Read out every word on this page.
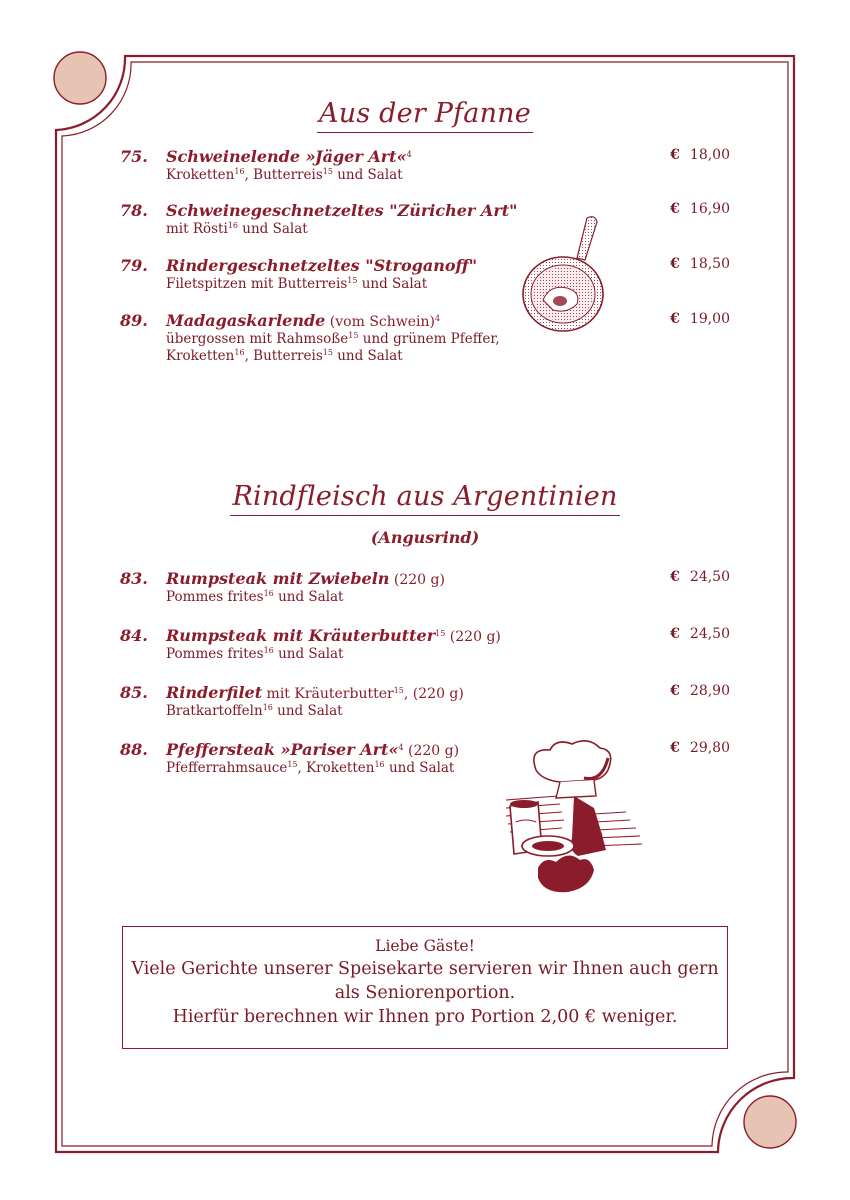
Aus der Pfanne
75. Schweinelende »Jäger Art«$^4$
Kroketten$^{16}$, Butterreis$^{15}$ und Salat
€ 18,00
78. Schweinegeschnetzeltes "Züricher Art"
mit Rösti$^{16}$ und Salat
€ 16,90
79. Rindergeschnetzeltes "Stroganoff"
Filetspitzen mit Butterreis$^{15}$ und Salat
€ 18,50
89. Madagaskarlende (vom Schwein)$^4$
übergossen mit Rahmsoße$^{15}$ und grünem Pfeffer,
Kroketten$^{16}$, Butterreis$^{15}$ und Salat
€ 19,00
Rindfleisch aus Argentinien
(Angusrind)
83. Rumpsteak mit Zwiebeln (220 g)
Pommes frites$^{16}$ und Salat
€ 24,50
84. Rumpsteak mit Kräuterbutter$^{15}$ (220 g)
Pommes frites$^{16}$ und Salat
€ 24,50
85. Rinderfilet mit Kräuterbutter$^{15}$, (220 g)
Bratkartoffeln$^{16}$ und Salat
€ 28,90
88. Pfeffersteak »Pariser Art«$^4$ (220 g)
Pfefferrahmsauce$^{15}$, Kroketten$^{16}$ und Salat
€ 29,80
Liebe Gäste!
Viele Gerichte unserer Speisekarte servieren wir Ihnen auch gern
als Seniorenportion.
Hierfür berechnen wir Ihnen pro Portion 2,00 € weniger.
